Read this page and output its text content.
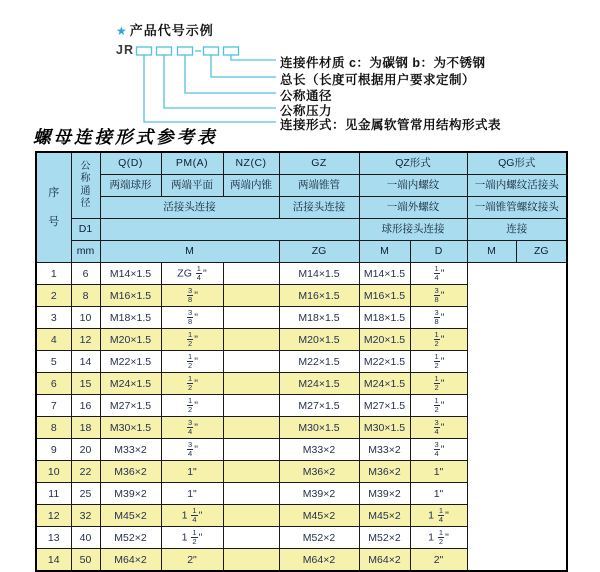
★ 产品代号示例
JR
连接件材质 c：为碳钢 b：为不锈钢
总长（长度可根据用户要求定制）
公称通径
公称压力
连接形式：见金属软管常用结构形式表
螺母连接形式参考表
序号	公称通径	Q(D)	PM(A)	NZ(C)	GZ	QZ形式		QG形式	
		两端球形	两端平面	两端内锥	两端锥管	一端内螺纹		一端内螺纹活接头	
		活接头连接			活接头连接	一端外螺纹		一端锥管螺纹接头	
	D1					球形接头连接		连接	
	mm	M			ZG	M	D	M	ZG
1	6	M14×1.5	ZG $\frac{1}{4}$ "		M14×1.5	M14×1.5	$\frac{1}{4}$ "		
2	8	M16×1.5	$\frac{3}{8}$ "		M16×1.5	M16×1.5	$\frac{3}{8}$ "		
3	10	M18×1.5	$\frac{3}{8}$ "		M18×1.5	M18×1.5	$\frac{3}{8}$ "		
4	12	M20×1.5	$\frac{1}{2}$ "		M20×1.5	M20×1.5	$\frac{1}{2}$ "		
5	14	M22×1.5	$\frac{1}{2}$ "		M22×1.5	M22×1.5	$\frac{1}{2}$ "		
6	15	M24×1.5	$\frac{1}{2}$ "		M24×1.5	M24×1.5	$\frac{1}{2}$ "		
7	16	M27×1.5	$\frac{1}{2}$ "		M27×1.5	M27×1.5	$\frac{1}{2}$ "		
8	18	M30×1.5	$\frac{3}{4}$ "		M30×1.5	M30×1.5	$\frac{3}{4}$ "		
9	20	M33×2	$\frac{3}{4}$ "		M33×2	M33×2	$\frac{3}{4}$ "		
10	22	M36×2	1"		M36×2	M36×2	1"		
11	25	M39×2	1"		M39×2	M39×2	1"		
12	32	M45×2	$1 \frac{1}{4}$ "		M45×2	M45×2	$1 \frac{1}{4}$ "		
13	40	M52×2	$1 \frac{1}{2}$ "		M52×2	M52×2	$1 \frac{1}{2}$ "		
14	50	M64×2	2"		M64×2	M64×2	2"		
